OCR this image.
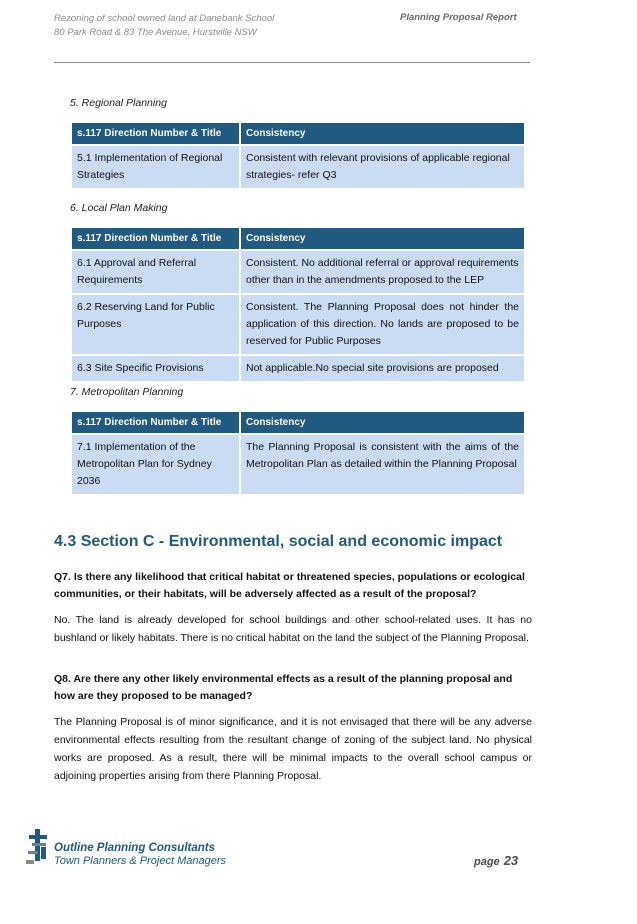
Rezoning of school owned land at Danebank School
80 Park Road & 83 The Avenue, Hurstville NSW
Planning Proposal Report
5. Regional Planning
s.117 Direction Number & Title	Consistency
5.1 Implementation of Regional Strategies	Consistent with relevant provisions of applicable regional strategies- refer Q3
6. Local Plan Making
s.117 Direction Number & Title	Consistency
6.1 Approval and Referral Requirements	Consistent. No additional referral or approval requirements other than in the amendments proposed to the LEP
6.2 Reserving Land for Public Purposes	Consistent. The Planning Proposal does not hinder the application of this direction. No lands are proposed to be reserved for Public Purposes
6.3 Site Specific Provisions	Not applicable.No special site provisions are proposed
7. Metropolitan Planning
s.117 Direction Number & Title	Consistency
7.1 Implementation of the Metropolitan Plan for Sydney 2036	The Planning Proposal is consistent with the aims of the Metropolitan Plan as detailed within the Planning Proposal
4.3 Section C - Environmental, social and economic impact
Q7. Is there any likelihood that critical habitat or threatened species, populations or ecological communities, or their habitats, will be adversely affected as a result of the proposal?
No. The land is already developed for school buildings and other school-related uses. It has no bushland or likely habitats. There is no critical habitat on the land the subject of the Planning Proposal.
Q8. Are there any other likely environmental effects as a result of the planning proposal and how are they proposed to be managed?
The Planning Proposal is of minor significance, and it is not envisaged that there will be any adverse environmental effects resulting from the resultant change of zoning of the subject land. No physical works are proposed. As a result, there will be minimal impacts to the overall school campus or adjoining properties arising from there Planning Proposal.
Outline Planning Consultants
Town Planners & Project Managers	page 23
